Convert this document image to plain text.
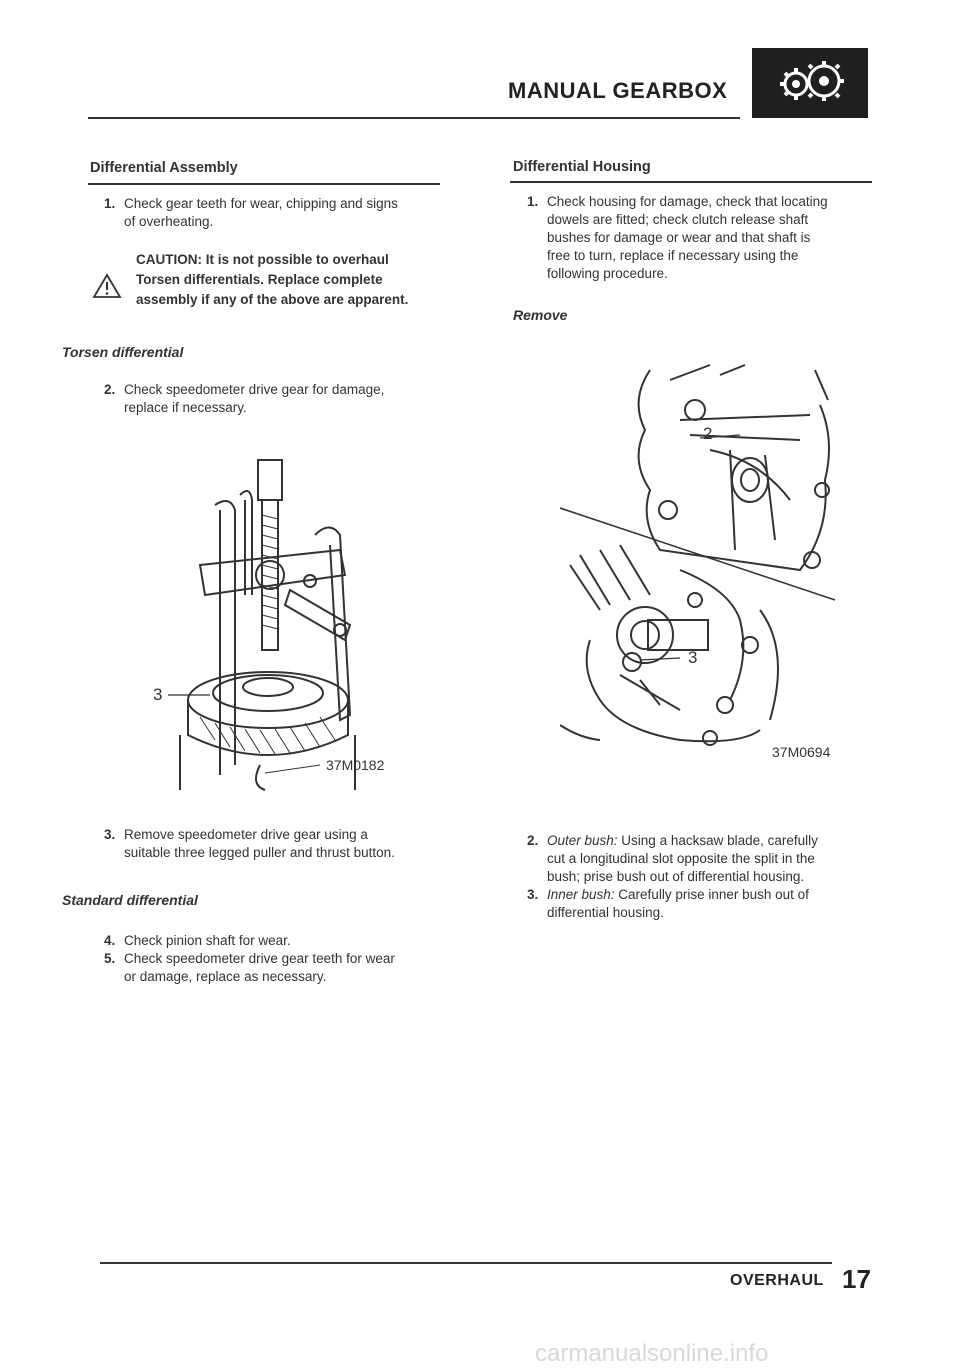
MANUAL GEARBOX
Differential Assembly
1. Check gear teeth for wear, chipping and signs
of overheating.
CAUTION: It is not possible to overhaul
Torsen differentials. Replace complete
assembly if any of the above are apparent.
Torsen differential
2. Check speedometer drive gear for damage,
replace if necessary.
3
37M0182
3. Remove speedometer drive gear using a
suitable three legged puller and thrust button.
Standard differential
4. Check pinion shaft for wear.
5. Check speedometer drive gear teeth for wear
or damage, replace as necessary.
Differential Housing
1. Check housing for damage, check that locating
dowels are fitted; check clutch release shaft
bushes for damage or wear and that shaft is
free to turn, replace if necessary using the
following procedure.
Remove
2
3
37M0694
2. Outer bush: Using a hacksaw blade, carefully
cut a longitudinal slot opposite the split in the
bush; prise bush out of differential housing.
3. Inner bush: Carefully prise inner bush out of
differential housing.
OVERHAUL 17
carmanualsonline.info
